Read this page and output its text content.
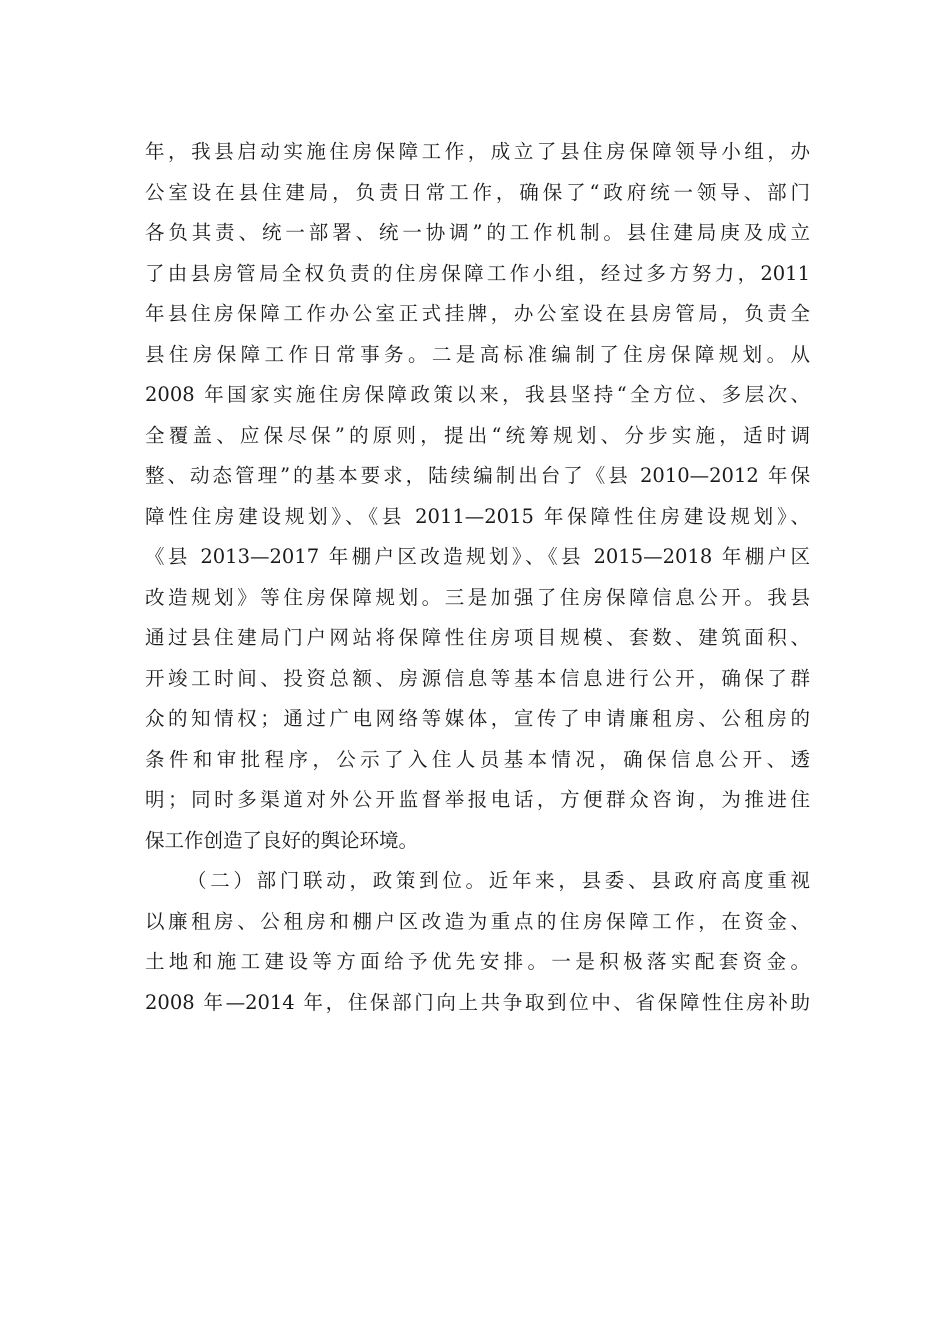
年，我县启动实施住房保障工作，成立了县住房保障领导小组，办
公室设在县住建局，负责日常工作，确保了“政府统一领导、部门
各负其责、统一部署、统一协调”的工作机制。县住建局庚及成立
了由县房管局全权负责的住房保障工作小组，经过多方努力，2011
年县住房保障工作办公室正式挂牌，办公室设在县房管局，负责全
县住房保障工作日常事务。二是高标准编制了住房保障规划。从
2008 年国家实施住房保障政策以来，我县坚持“全方位、多层次、
全覆盖、应保尽保”的原则，提出“统筹规划、分步实施，适时调
整、动态管理”的基本要求，陆续编制出台了《县 2010—2012 年保
障性住房建设规划》、《县 2011—2015 年保障性住房建设规划》、
《县 2013—2017 年棚户区改造规划》、《县 2015—2018 年棚户区
改造规划》等住房保障规划。三是加强了住房保障信息公开。我县
通过县住建局门户网站将保障性住房项目规模、套数、建筑面积、
开竣工时间、投资总额、房源信息等基本信息进行公开，确保了群
众的知情权；通过广电网络等媒体，宣传了申请廉租房、公租房的
条件和审批程序，公示了入住人员基本情况，确保信息公开、透
明；同时多渠道对外公开监督举报电话，方便群众咨询，为推进住
保工作创造了良好的舆论环境。
（二）部门联动，政策到位。近年来，县委、县政府高度重视
以廉租房、公租房和棚户区改造为重点的住房保障工作，在资金、
土地和施工建设等方面给予优先安排。一是积极落实配套资金。
2008 年—2014 年，住保部门向上共争取到位中、省保障性住房补助
